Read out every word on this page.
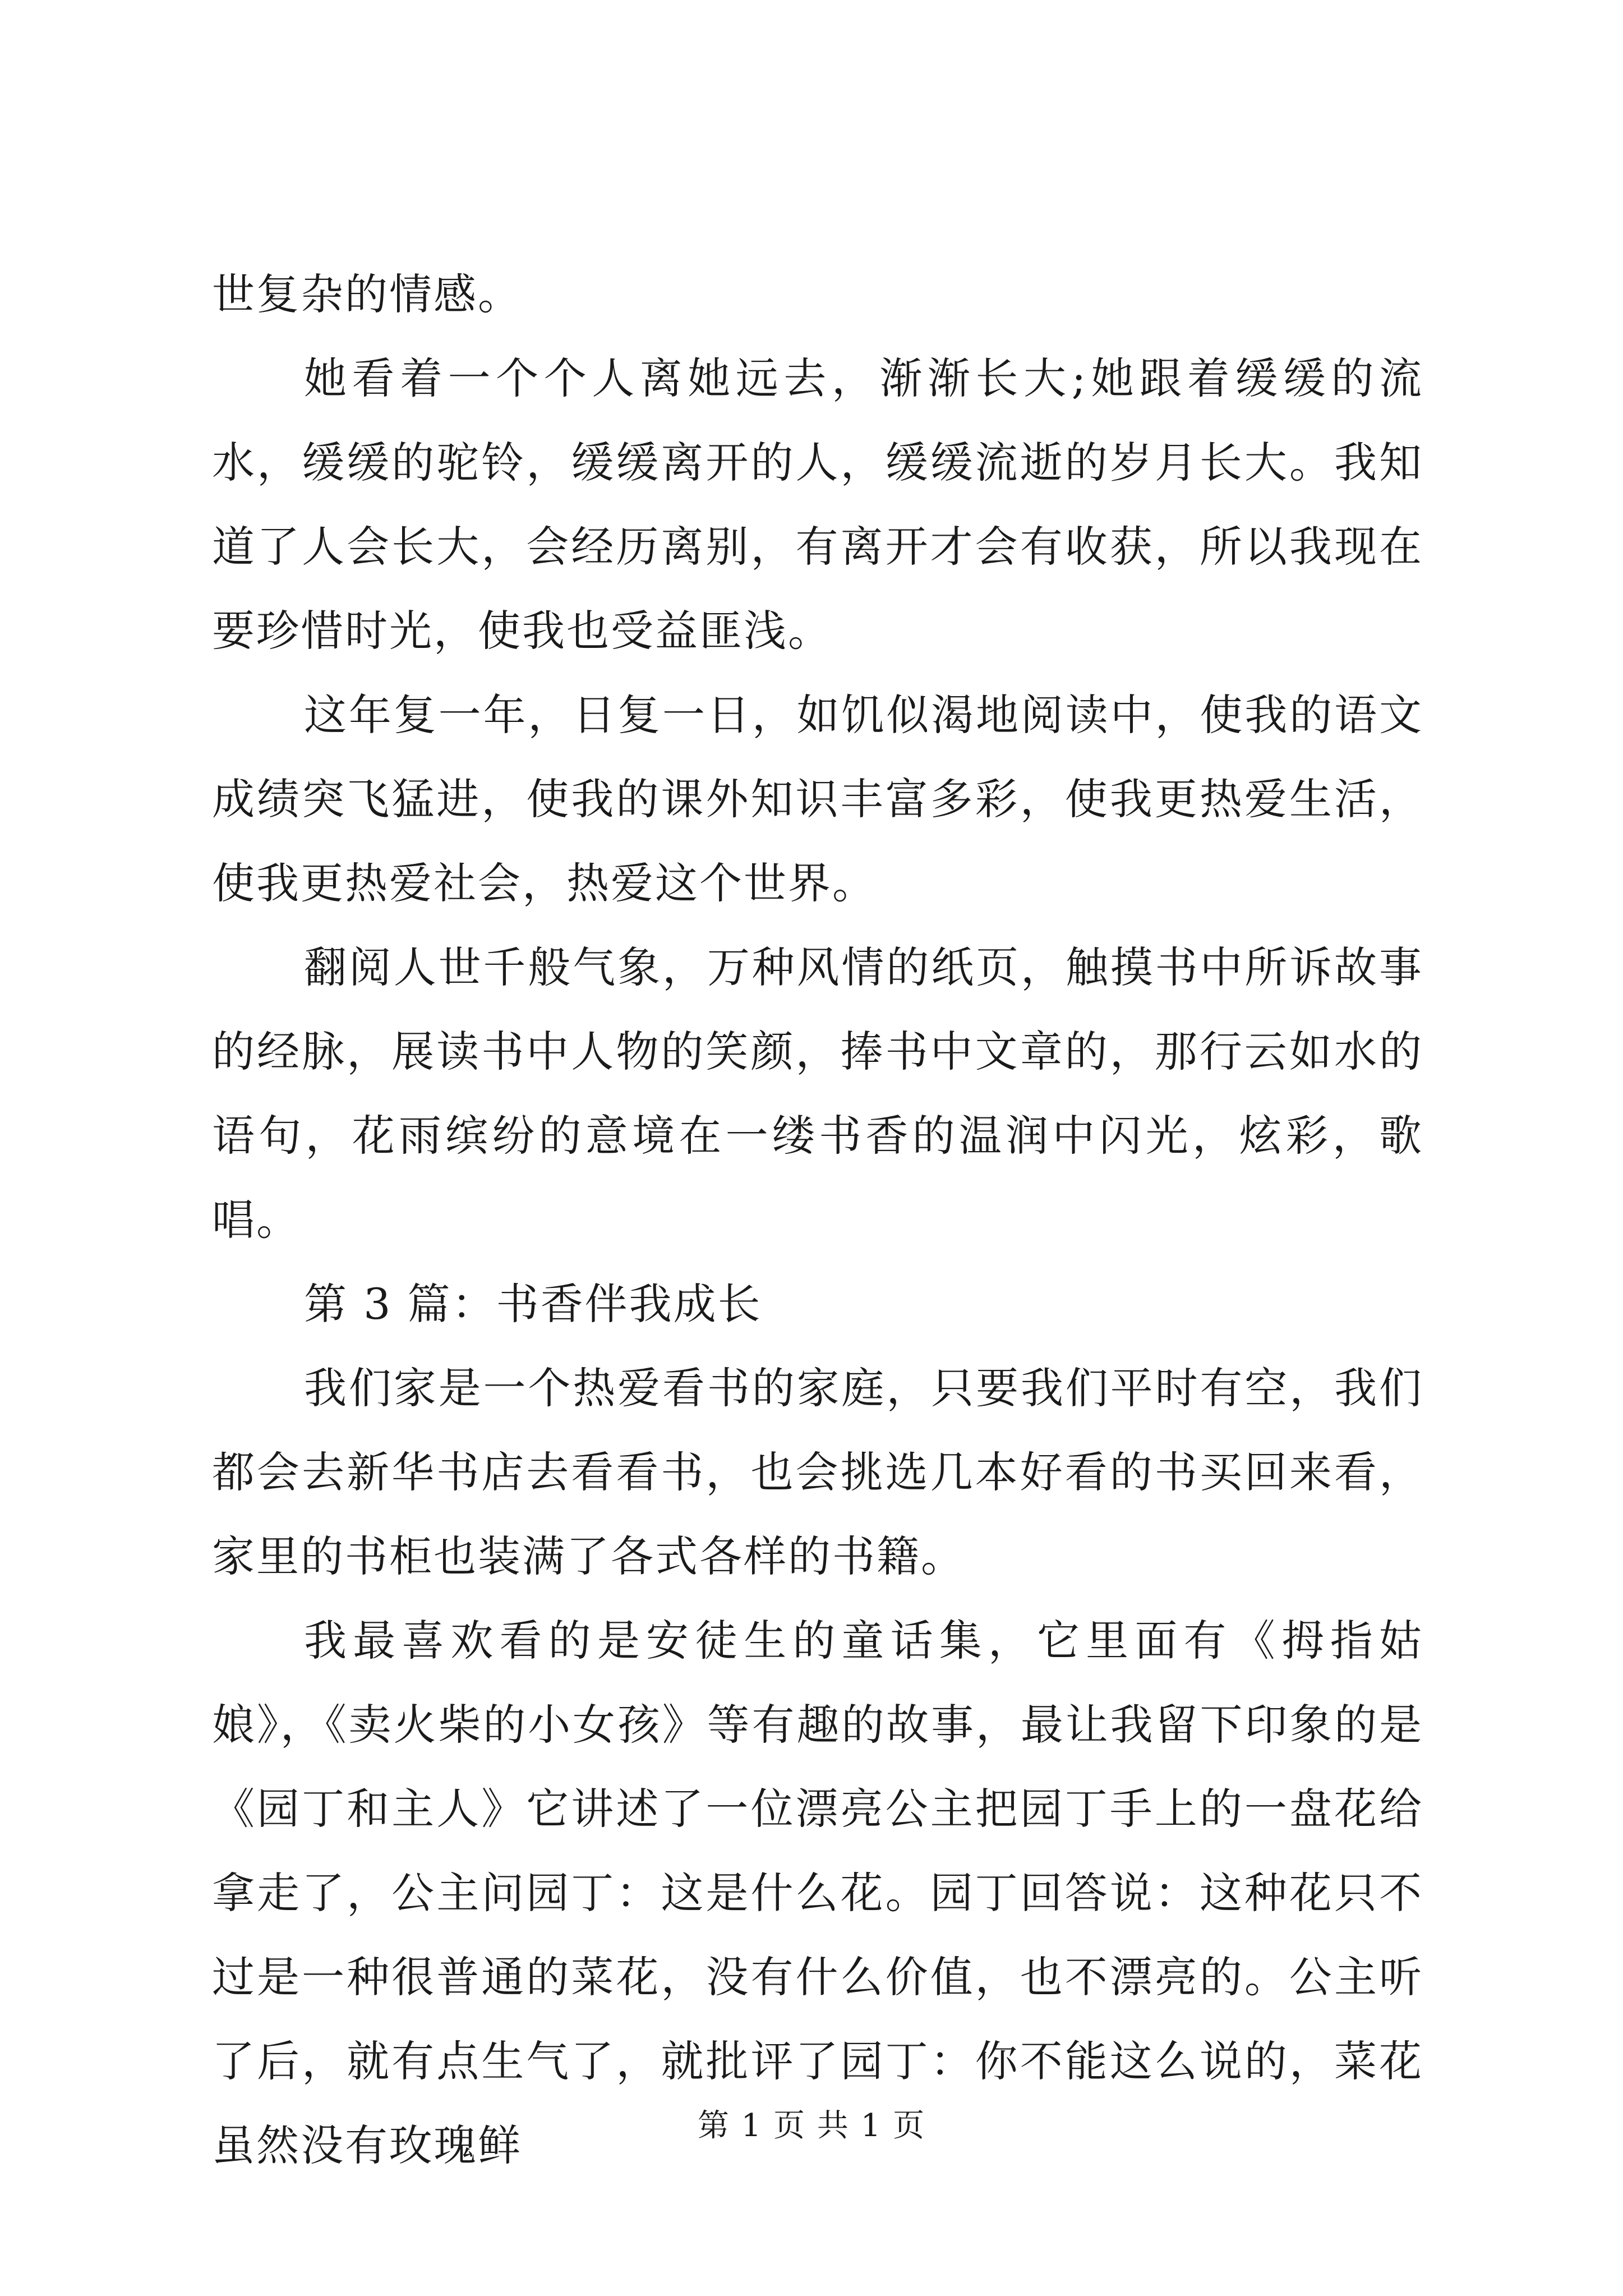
世复杂的情感。

她看着一个个人离她远去，渐渐长大;她跟着缓缓的流水，缓缓的驼铃，缓缓离开的人，缓缓流逝的岁月长大。我知道了人会长大，会经历离别，有离开才会有收获，所以我现在要珍惜时光，使我也受益匪浅。

这年复一年，日复一日，如饥似渴地阅读中，使我的语文成绩突飞猛进，使我的课外知识丰富多彩，使我更热爱生活，使我更热爱社会，热爱这个世界。

翻阅人世千般气象，万种风情的纸页，触摸书中所诉故事的经脉，展读书中人物的笑颜，捧书中文章的，那行云如水的语句，花雨缤纷的意境在一缕书香的温润中闪光，炫彩，歌唱。

第 3 篇：书香伴我成长

我们家是一个热爱看书的家庭，只要我们平时有空，我们都会去新华书店去看看书，也会挑选几本好看的书买回来看，家里的书柜也装满了各式各样的书籍。

我最喜欢看的是安徒生的童话集，它里面有《拇指姑娘》，《卖火柴的小女孩》等有趣的故事，最让我留下印象的是《园丁和主人》它讲述了一位漂亮公主把园丁手上的一盘花给拿走了，公主问园丁：这是什么花。园丁回答说：这种花只不过是一种很普通的菜花，没有什么价值，也不漂亮的。公主听了后，就有点生气了，就批评了园丁：你不能这么说的，菜花虽然没有玫瑰鲜	第 1 页 共 1 页
